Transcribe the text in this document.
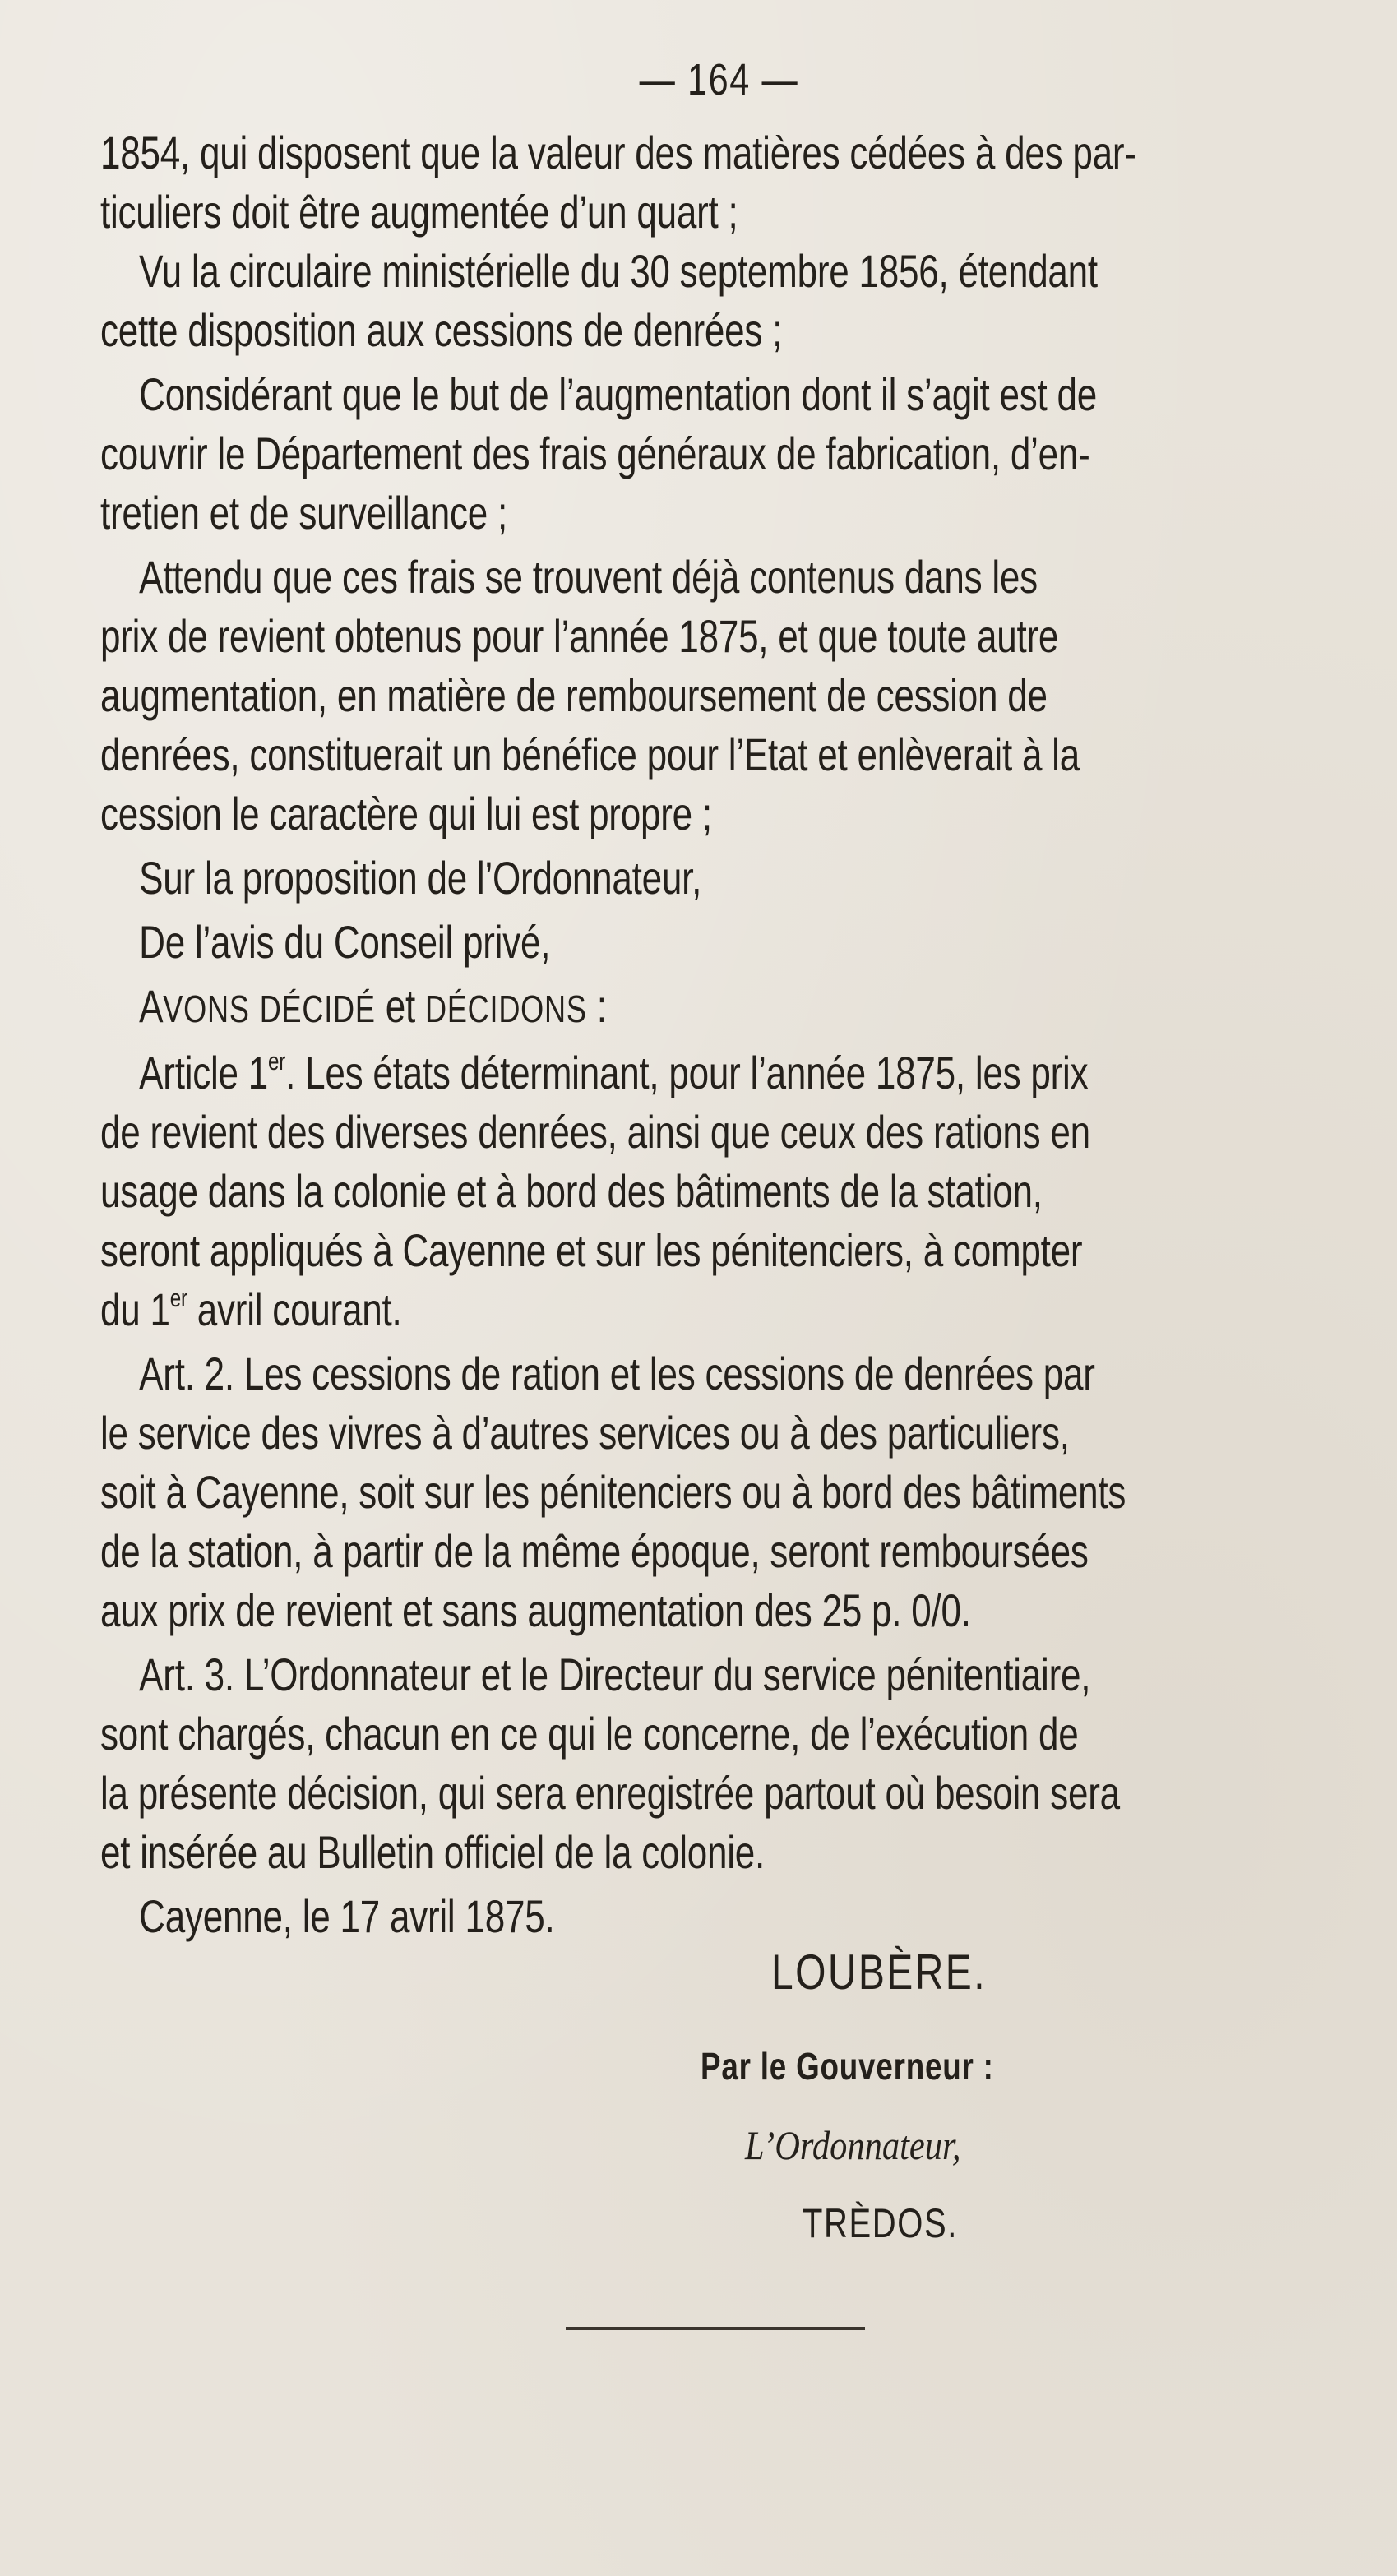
— 164 —

1854, qui disposent que la valeur des matières cédées à des par-
ticuliers doit être augmentée d’un quart ;

Vu la circulaire ministérielle du 30 septembre 1856, étendant
cette disposition aux cessions de denrées ;

Considérant que le but de l’augmentation dont il s’agit est de
couvrir le Département des frais généraux de fabrication, d’en-
tretien et de surveillance ;

Attendu que ces frais se trouvent déjà contenus dans les
prix de revient obtenus pour l’année 1875, et que toute autre
augmentation, en matière de remboursement de cession de
denrées, constituerait un bénéfice pour l’Etat et enlèverait à la
cession le caractère qui lui est propre ;

Sur la proposition de l’Ordonnateur,

De l’avis du Conseil privé,

AVONS DÉCIDÉ et DÉCIDONS :

Article 1er. Les états déterminant, pour l’année 1875, les prix
de revient des diverses denrées, ainsi que ceux des rations en
usage dans la colonie et à bord des bâtiments de la station,
seront appliqués à Cayenne et sur les pénitenciers, à compter
du 1er avril courant.

Art. 2. Les cessions de ration et les cessions de denrées par
le service des vivres à d’autres services ou à des particuliers,
soit à Cayenne, soit sur les pénitenciers ou à bord des bâtiments
de la station, à partir de la même époque, seront remboursées
aux prix de revient et sans augmentation des 25 p. 0/0.

Art. 3. L’Ordonnateur et le Directeur du service pénitentiaire,
sont chargés, chacun en ce qui le concerne, de l’exécution de
la présente décision, qui sera enregistrée partout où besoin sera
et insérée au Bulletin officiel de la colonie.

Cayenne, le 17 avril 1875.

LOUBÈRE.
Par le Gouverneur :
L’Ordonnateur,
TRÈDOS.
